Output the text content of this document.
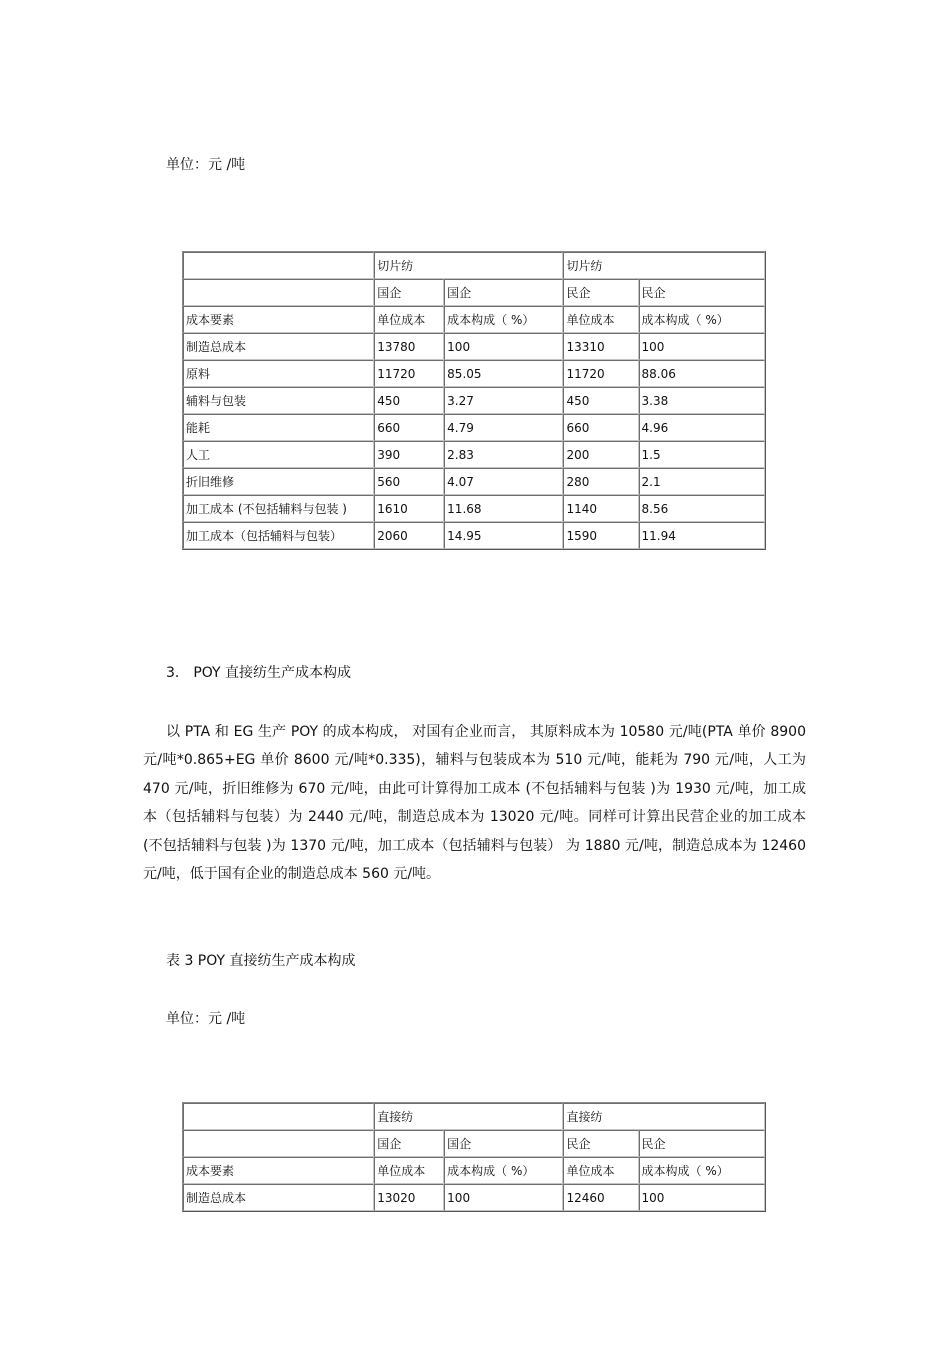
单位：元 /吨
	切片纺		切片纺	
	国企	国企	民企	民企
成本要素	单位成本	成本构成（ %）	单位成本	成本构成（ %）
制造总成本	13780	100	13310	100
原料	11720	85.05	11720	88.06
辅料与包装	450	3.27	450	3.38
能耗	660	4.79	660	4.96
人工	390	2.83	200	1.5
折旧维修	560	4.07	280	2.1
加工成本 (不包括辅料与包装 )	1610	11.68	1140	8.56
加工成本（包括辅料与包装）	2060	14.95	1590	11.94
3． POY 直接纺生产成本构成

以 PTA 和 EG 生产 POY 的成本构成， 对国有企业而言， 其原料成本为 10580 元/吨(PTA 单价 8900 元/吨*0.865+EG 单价 8600 元/吨*0.335)，辅料与包装成本为 510 元/吨，能耗为 790 元/吨，人工为 470 元/吨，折旧维修为 670 元/吨，由此可计算得加工成本 (不包括辅料与包装 )为 1930 元/吨，加工成本（包括辅料与包装）为 2440 元/吨，制造总成本为 13020 元/吨。同样可计算出民营企业的加工成本 (不包括辅料与包装 )为 1370 元/吨，加工成本（包括辅料与包装） 为 1880 元/吨，制造总成本为 12460 元/吨，低于国有企业的制造总成本 560 元/吨。

表 3 POY 直接纺生产成本构成
单位：元 /吨
	直接纺		直接纺	
	国企	国企	民企	民企
成本要素	单位成本	成本构成（ %）	单位成本	成本构成（ %）
制造总成本	13020	100	12460	100
